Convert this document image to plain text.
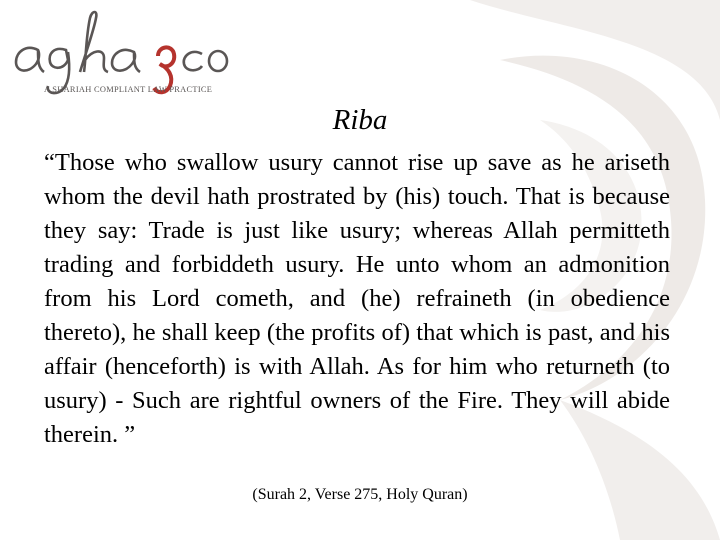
A SHARIAH COMPLIANT LAW PRACTICE
Riba
“Those who swallow usury cannot rise up save as he ariseth whom the devil hath prostrated by (his) touch. That is because they say: Trade is just like usury; whereas Allah permitteth trading and forbiddeth usury. He unto whom an admonition from his Lord cometh, and (he) refraineth (in obedience thereto), he shall keep (the profits of) that which is past, and his affair (henceforth) is with Allah. As for him who returneth (to usury) - Such are rightful owners of the Fire. They will abide therein. ”
(Surah 2, Verse 275, Holy Quran)
